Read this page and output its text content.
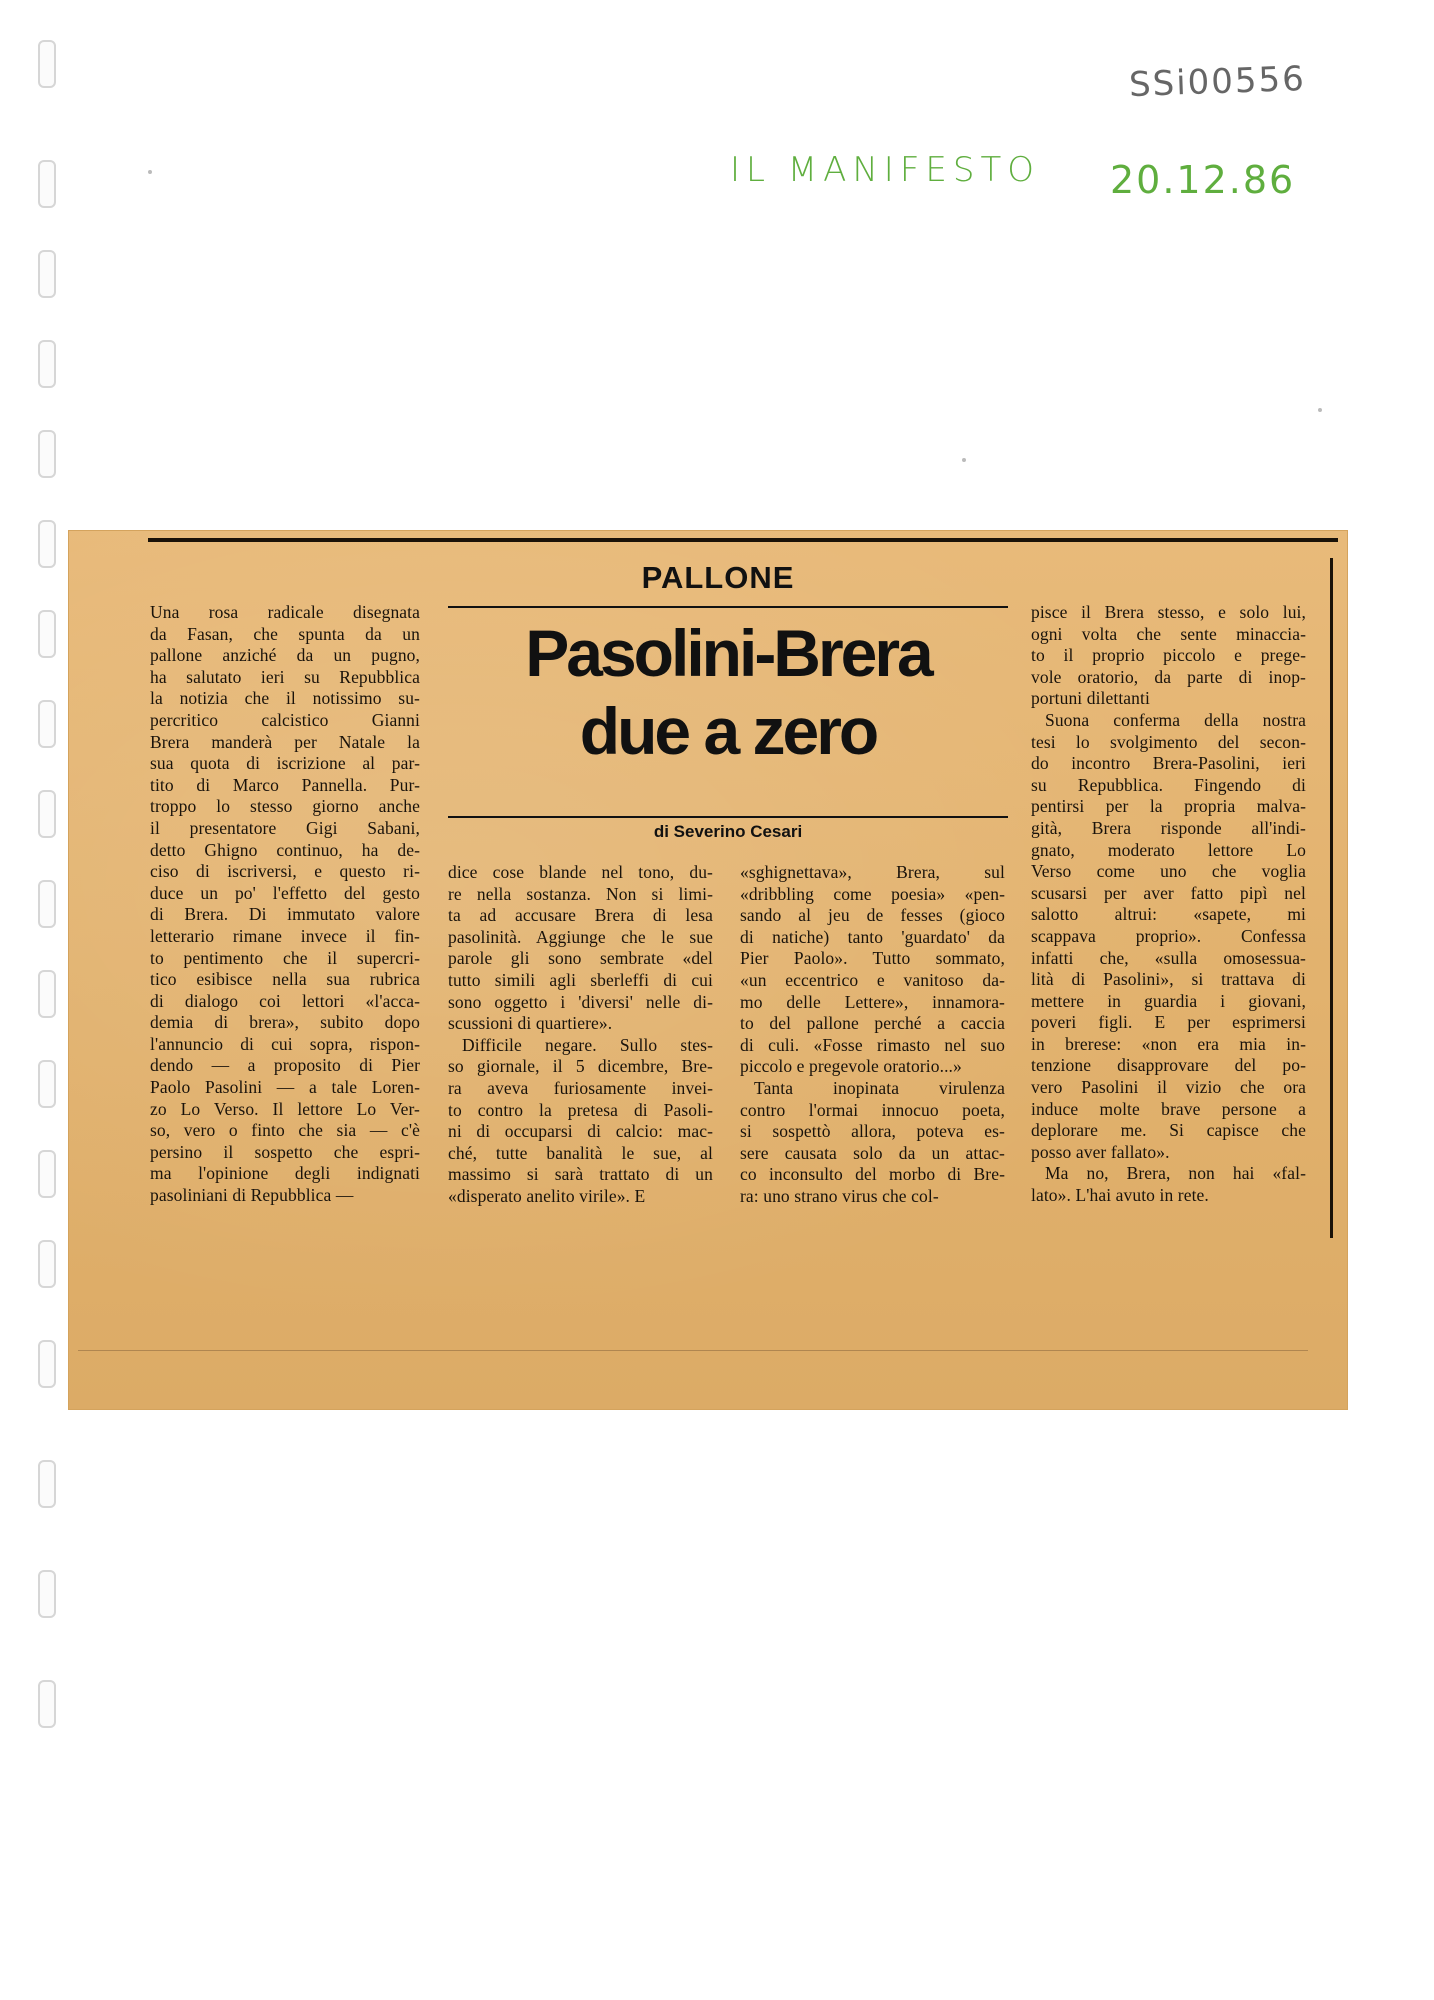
SSi00556
IL MANIFESTO 20.12.86
PALLONE
Pasolini-Brera
due a zero
di Severino Cesari
Una rosa radicale disegnata
da Fasan, che spunta da un
pallone anziché da un pugno,
ha salutato ieri su Repubblica
la notizia che il notissimo su-
percritico calcistico Gianni
Brera manderà per Natale la
sua quota di iscrizione al par-
tito di Marco Pannella. Pur-
troppo lo stesso giorno anche
il presentatore Gigi Sabani,
detto Ghigno continuo, ha de-
ciso di iscriversi, e questo ri-
duce un po' l'effetto del gesto
di Brera. Di immutato valore
letterario rimane invece il fin-
to pentimento che il supercri-
tico esibisce nella sua rubrica
di dialogo coi lettori «l'acca-
demia di brera», subito dopo
l'annuncio di cui sopra, rispon-
dendo — a proposito di Pier
Paolo Pasolini — a tale Loren-
zo Lo Verso. Il lettore Lo Ver-
so, vero o finto che sia — c'è
persino il sospetto che espri-
ma l'opinione degli indignati
pasoliniani di Repubblica —
dice cose blande nel tono, du-
re nella sostanza. Non si limi-
ta ad accusare Brera di lesa
pasolinità. Aggiunge che le sue
parole gli sono sembrate «del
tutto simili agli sberleffi di cui
sono oggetto i 'diversi' nelle di-
scussioni di quartiere».
Difficile negare. Sullo stes-
so giornale, il 5 dicembre, Bre-
ra aveva furiosamente invei-
to contro la pretesa di Pasoli-
ni di occuparsi di calcio: mac-
ché, tutte banalità le sue, al
massimo si sarà trattato di un
«disperato anelito virile». E
«sghignettava», Brera, sul
«dribbling come poesia» «pen-
sando al jeu de fesses (gioco
di natiche) tanto 'guardato' da
Pier Paolo». Tutto sommato,
«un eccentrico e vanitoso da-
mo delle Lettere», innamora-
to del pallone perché a caccia
di culi. «Fosse rimasto nel suo
piccolo e pregevole oratorio...»
Tanta inopinata virulenza
contro l'ormai innocuo poeta,
si sospettò allora, poteva es-
sere causata solo da un attac-
co inconsulto del morbo di Bre-
ra: uno strano virus che col-
pisce il Brera stesso, e solo lui,
ogni volta che sente minaccia-
to il proprio piccolo e prege-
vole oratorio, da parte di inop-
portuni dilettanti
Suona conferma della nostra
tesi lo svolgimento del secon-
do incontro Brera-Pasolini, ieri
su Repubblica. Fingendo di
pentirsi per la propria malva-
gità, Brera risponde all'indi-
gnato, moderato lettore Lo
Verso come uno che voglia
scusarsi per aver fatto pipì nel
salotto altrui: «sapete, mi
scappava proprio». Confessa
infatti che, «sulla omosessua-
lità di Pasolini», si trattava di
mettere in guardia i giovani,
poveri figli. E per esprimersi
in brerese: «non era mia in-
tenzione disapprovare del po-
vero Pasolini il vizio che ora
induce molte brave persone a
deplorare me. Si capisce che
posso aver fallato».
Ma no, Brera, non hai «fal-
lato». L'hai avuto in rete.
